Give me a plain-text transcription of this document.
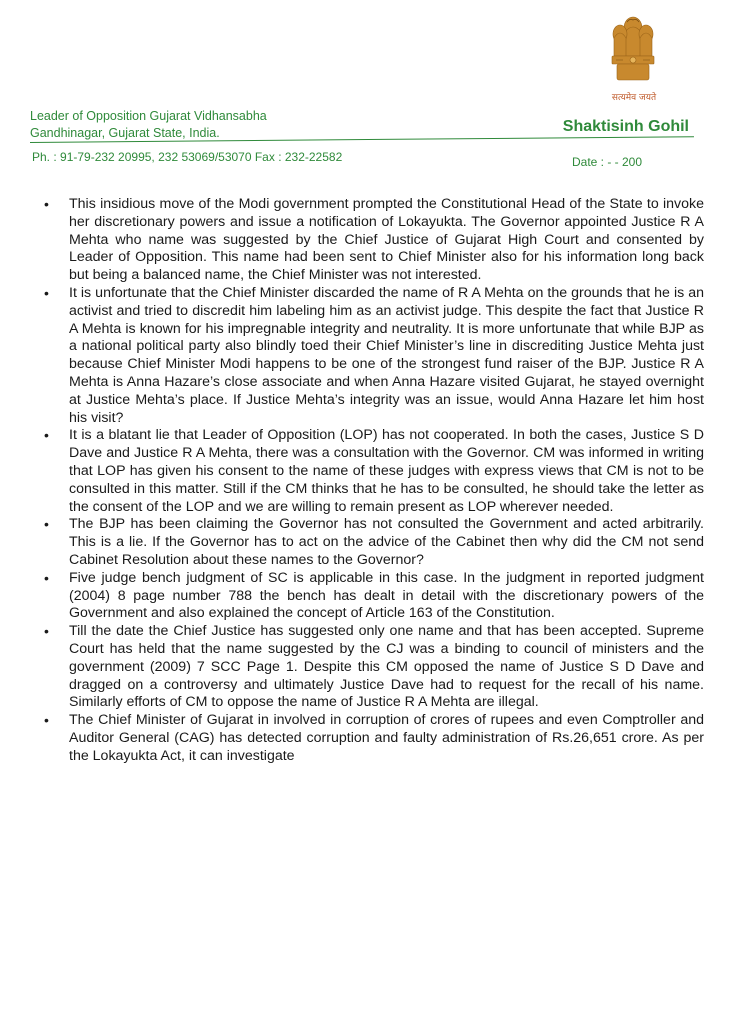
सत्यमेव जयते
Leader of Opposition Gujarat Vidhansabha
Gandhinagar, Gujarat State, India.	Shaktisinh Gohil
Ph. : 91-79-232 20995, 232 53069/53070 Fax : 232-22582	Date : - - 200
• This insidious move of the Modi government prompted the Constitutional Head of the State to invoke her discretionary powers and issue a notification of Lokayukta. The Governor appointed Justice R A Mehta who name was suggested by the Chief Justice of Gujarat High Court and consented by Leader of Opposition. This name had been sent to Chief Minister also for his information long back but being a balanced name, the Chief Minister was not interested.
• It is unfortunate that the Chief Minister discarded the name of R A Mehta on the grounds that he is an activist and tried to discredit him labeling him as an activist judge. This despite the fact that Justice R A Mehta is known for his impregnable integrity and neutrality. It is more unfortunate that while BJP as a national political party also blindly toed their Chief Minister’s line in discrediting Justice Mehta just because Chief Minister Modi happens to be one of the strongest fund raiser of the BJP. Justice R A Mehta is Anna Hazare’s close associate and when Anna Hazare visited Gujarat, he stayed overnight at Justice Mehta’s place. If Justice Mehta’s integrity was an issue, would Anna Hazare let him host his visit?
• It is a blatant lie that Leader of Opposition (LOP) has not cooperated. In both the cases, Justice S D Dave and Justice R A Mehta, there was a consultation with the Governor. CM was informed in writing that LOP has given his consent to the name of these judges with express views that CM is not to be consulted in this matter. Still if the CM thinks that he has to be consulted, he should take the letter as the consent of the LOP and we are willing to remain present as LOP wherever needed.
• The BJP has been claiming the Governor has not consulted the Government and acted arbitrarily. This is a lie. If the Governor has to act on the advice of the Cabinet then why did the CM not send Cabinet Resolution about these names to the Governor?
• Five judge bench judgment of SC is applicable in this case. In the judgment in reported judgment (2004) 8 page number 788 the bench has dealt in detail with the discretionary powers of the Government and also explained the concept of Article 163 of the Constitution.
• Till the date the Chief Justice has suggested only one name and that has been accepted. Supreme Court has held that the name suggested by the CJ was a binding to council of ministers and the government (2009) 7 SCC Page 1. Despite this CM opposed the name of Justice S D Dave and dragged on a controversy and ultimately Justice Dave had to request for the recall of his name. Similarly efforts of CM to oppose the name of Justice R A Mehta are illegal.
• The Chief Minister of Gujarat in involved in corruption of crores of rupees and even Comptroller and Auditor General (CAG) has detected corruption and faulty administration of Rs.26,651 crore. As per the Lokayukta Act, it can investigate
